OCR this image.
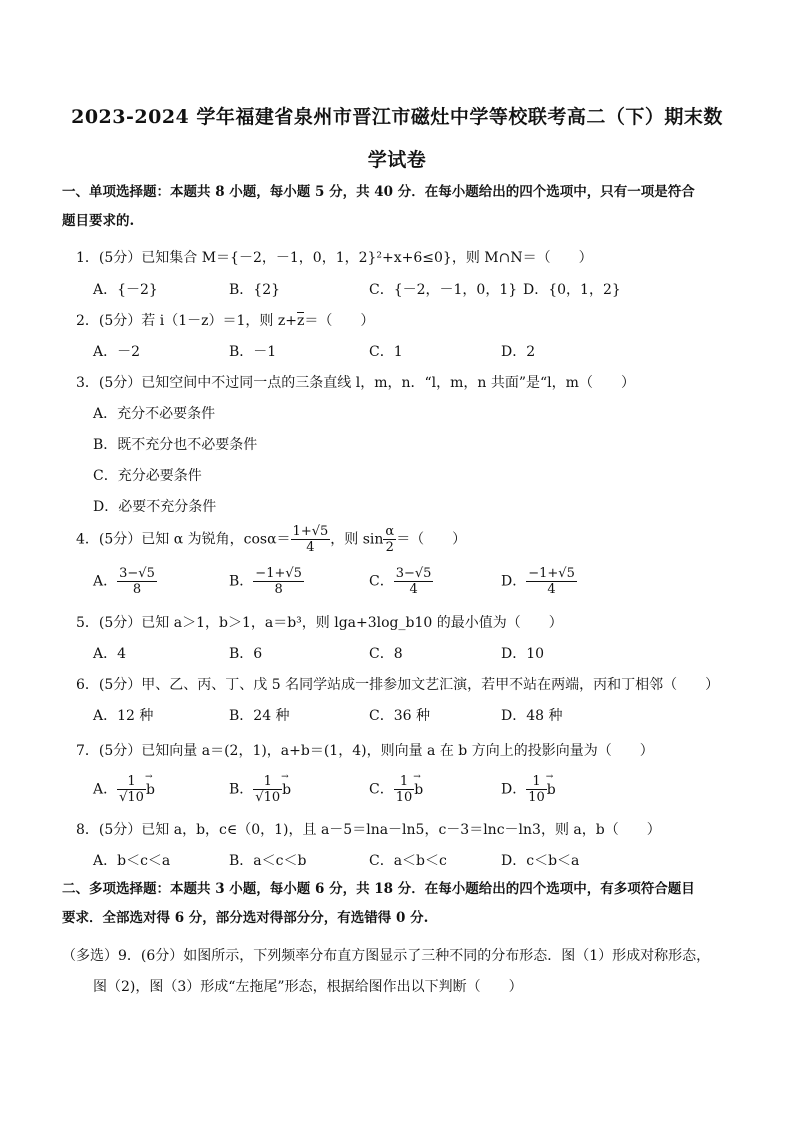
2023-2024 学年福建省泉州市晋江市磁灶中学等校联考高二（下）期末数
学试卷
一、单项选择题：本题共 8 小题，每小题 5 分，共 40 分．在每小题给出的四个选项中，只有一项是符合
题目要求的.
1．(5分）已知集合 M＝{－2，－1，0，1，2}²+x+6≤0}，则 M∩N＝（　　）
A．{－2}	B．{2}	C．{－2，－1，0，1} D．{0，1，2}
2．(5分）若 i（1－z）＝1，则 z+z＝（　　）
A．－2	B．－1	C．1	D．2
3．(5分）已知空间中不过同一点的三条直线 l，m，n．“l，m，n 共面”是“l，m（　　）
A．充分不必要条件
B．既不充分也不必要条件
C．充分必要条件
D．必要不充分条件
4．(5分）已知 α 为锐角，$\cos\alpha= \frac{1+√5}{4}$ ，则 $\sin \frac{\alpha}{2}$ ＝（　　）
A． $\frac{3-√5}{8}$	B． $\frac{-1+√5}{8}$	C． $\frac{3-√5}{4}$	D． $\frac{-1+√5}{4}$
5．(5分）已知 a＞1，b＞1，a＝b³，则 lga+3log_b10 的最小值为（　　）
A．4	B．6	C．8	D．10
6．(5分）甲、乙、丙、丁、戊 5 名同学站成一排参加文艺汇演，若甲不站在两端，丙和丁相邻（　　）
A．12 种	B．24 种	C．36 种	D．48 种
7．(5分）已知向量 a＝(2，1)，a+b＝(1，4)，则向量 a 在 b 方向上的投影向量为（　　）
A． $\frac{1}{√10}$
→ b	B． $\frac{1}{√10}$
→ b	C． $\frac{1}{10}$
→ b	D． $\frac{1}{10}$
→ b
8．(5分）已知 a，b，c∈（0，1)，且 a－5＝lna－ln5，c－3＝lnc－ln3，则 a，b（　　）
A．b＜c＜a	B．a＜c＜b	C．a＜b＜c	D．c＜b＜a
二、多项选择题：本题共 3 小题，每小题 6 分，共 18 分．在每小题给出的四个选项中，有多项符合题目
要求．全部选对得 6 分，部分选对得部分分，有选错得 0 分.
（多选）9．(6分）如图所示，下列频率分布直方图显示了三种不同的分布形态．图（1）形成对称形态，
图（2)，图（3）形成“左拖尾”形态，根据给图作出以下判断（　　）
